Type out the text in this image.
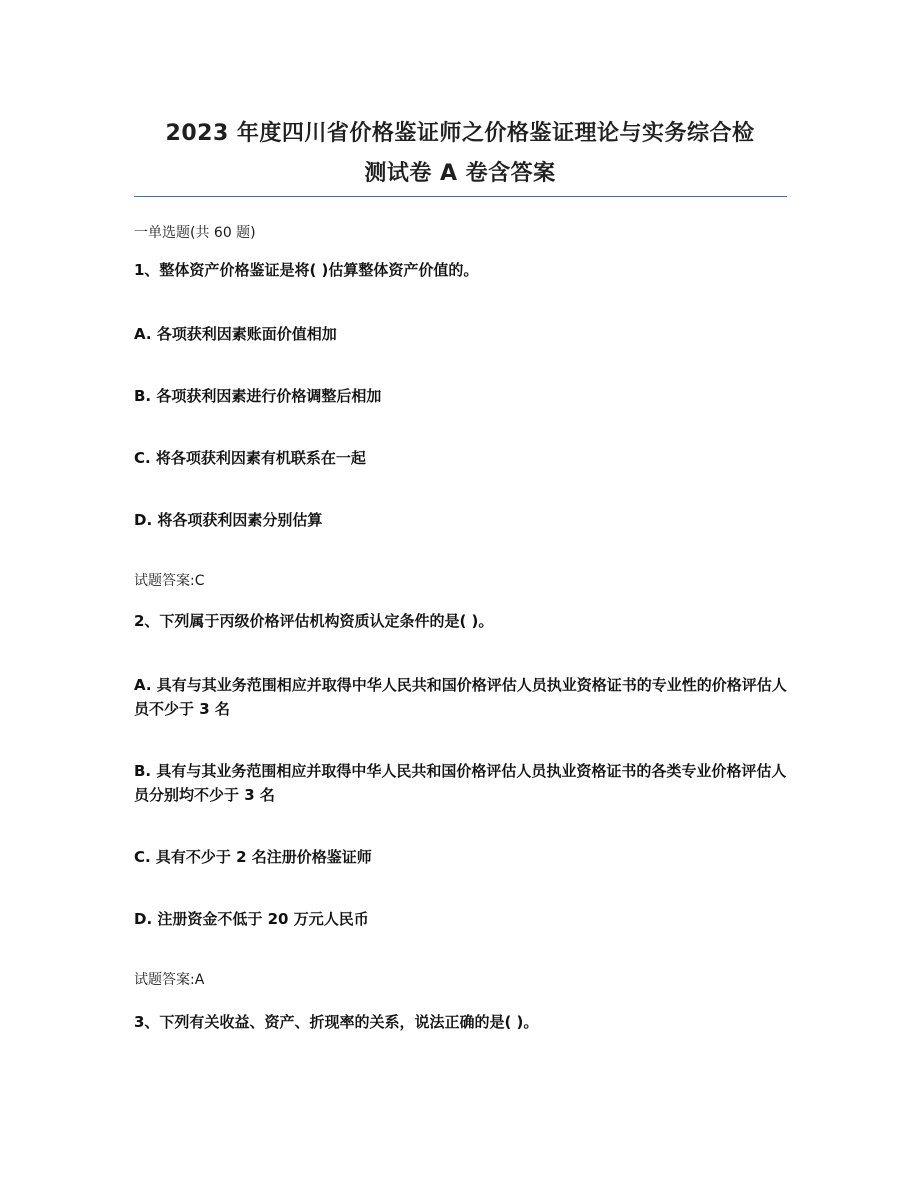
2023 年度四川省价格鉴证师之价格鉴证理论与实务综合检
测试卷 A 卷含答案
一单选题(共 60 题)
1、整体资产价格鉴证是将( )估算整体资产价值的。
A. 各项获利因素账面价值相加
B. 各项获利因素进行价格调整后相加
C. 将各项获利因素有机联系在一起
D. 将各项获利因素分别估算
试题答案:C
2、下列属于丙级价格评估机构资质认定条件的是( )。
A. 具有与其业务范围相应并取得中华人民共和国价格评估人员执业资格证书的专业性的价格评估人员不少于 3 名
B. 具有与其业务范围相应并取得中华人民共和国价格评估人员执业资格证书的各类专业价格评估人员分别均不少于 3 名
C. 具有不少于 2 名注册价格鉴证师
D. 注册资金不低于 20 万元人民币
试题答案:A
3、下列有关收益、资产、折现率的关系，说法正确的是( )。
